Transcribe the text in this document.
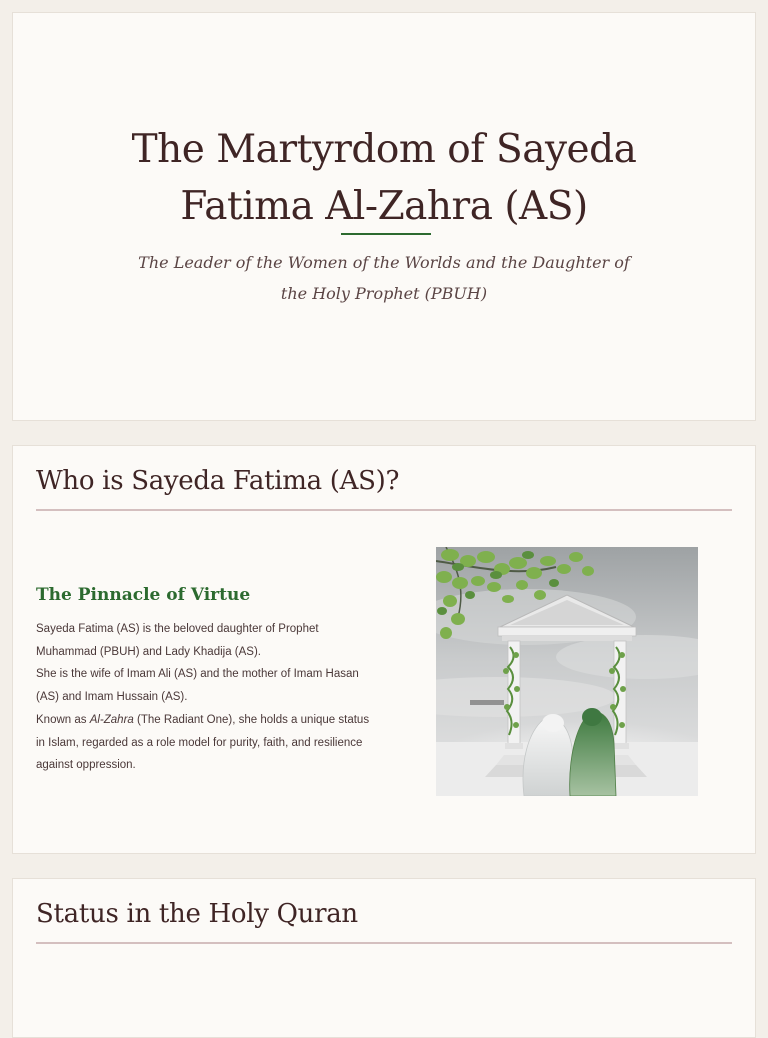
The Martyrdom of Sayeda
Fatima Al-Zahra (AS)

The Leader of the Women of the Worlds and the Daughter of the Holy Prophet (PBUH)

Who is Sayeda Fatima (AS)?
The Pinnacle of Virtue

Sayeda Fatima (AS) is the beloved daughter of Prophet Muhammad (PBUH) and Lady Khadija (AS).

She is the wife of Imam Ali (AS) and the mother of Imam Hasan (AS) and Imam Hussain (AS).

Known as Al-Zahra (The Radiant One), she holds a unique status in Islam, regarded as a role model for purity, faith, and resilience against oppression.

Status in the Holy Quran
